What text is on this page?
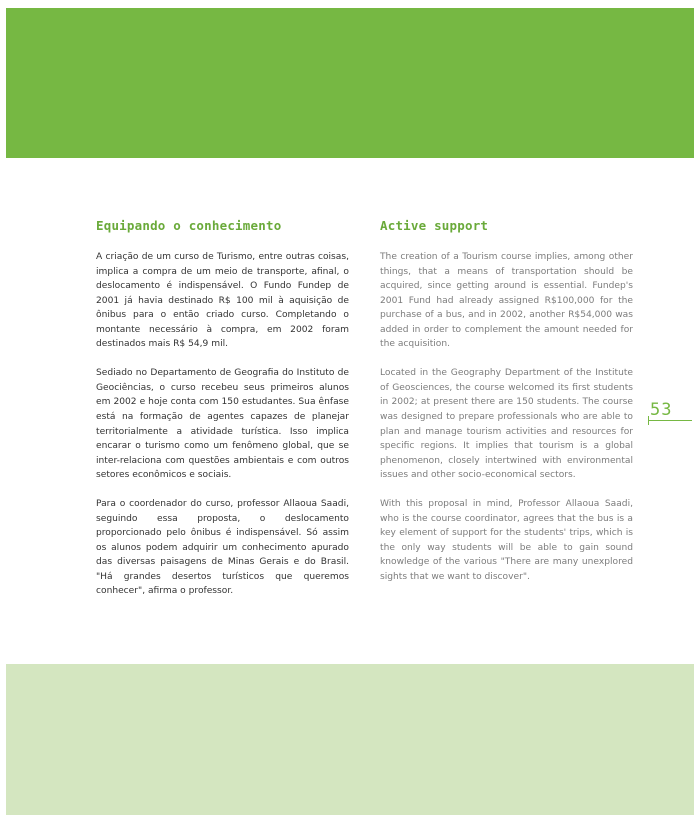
Equipando o conhecimento

A criação de um curso de Turismo, entre outras coisas, implica a compra de um meio de transporte, afinal, o deslocamento é indispensável. O Fundo Fundep de 2001 já havia destinado R$ 100 mil à aquisição de ônibus para o então criado curso. Completando o montante necessário à compra, em 2002 foram destinados mais R$ 54,9 mil.

Sediado no Departamento de Geografia do Instituto de Geociências, o curso recebeu seus primeiros alunos em 2002 e hoje conta com 150 estudantes. Sua ênfase está na formação de agentes capazes de planejar territorialmente a atividade turística. Isso implica encarar o turismo como um fenômeno global, que se inter-relaciona com questões ambientais e com outros setores econômicos e sociais.

Para o coordenador do curso, professor Allaoua Saadi, seguindo essa proposta, o deslocamento proporcionado pelo ônibus é indispensável. Só assim os alunos podem adquirir um conhecimento apurado das diversas paisagens de Minas Gerais e do Brasil. "Há grandes desertos turísticos que queremos conhecer", afirma o professor.

Active support

The creation of a Tourism course implies, among other things, that a means of transportation should be acquired, since getting around is essential. Fundep's 2001 Fund had already assigned R$100,000 for the purchase of a bus, and in 2002, another R$54,000 was added in order to complement the amount needed for the acquisition.

Located in the Geography Department of the Institute of Geosciences, the course welcomed its first students in 2002; at present there are 150 students. The course was designed to prepare professionals who are able to plan and manage tourism activities and resources for specific regions. It implies that tourism is a global phenomenon, closely intertwined with environmental issues and other socio-economical sectors.

With this proposal in mind, Professor Allaoua Saadi, who is the course coordinator, agrees that the bus is a key element of support for the students' trips, which is the only way students will be able to gain sound knowledge of the various "There are many unexplored sights that we want to discover".

53
